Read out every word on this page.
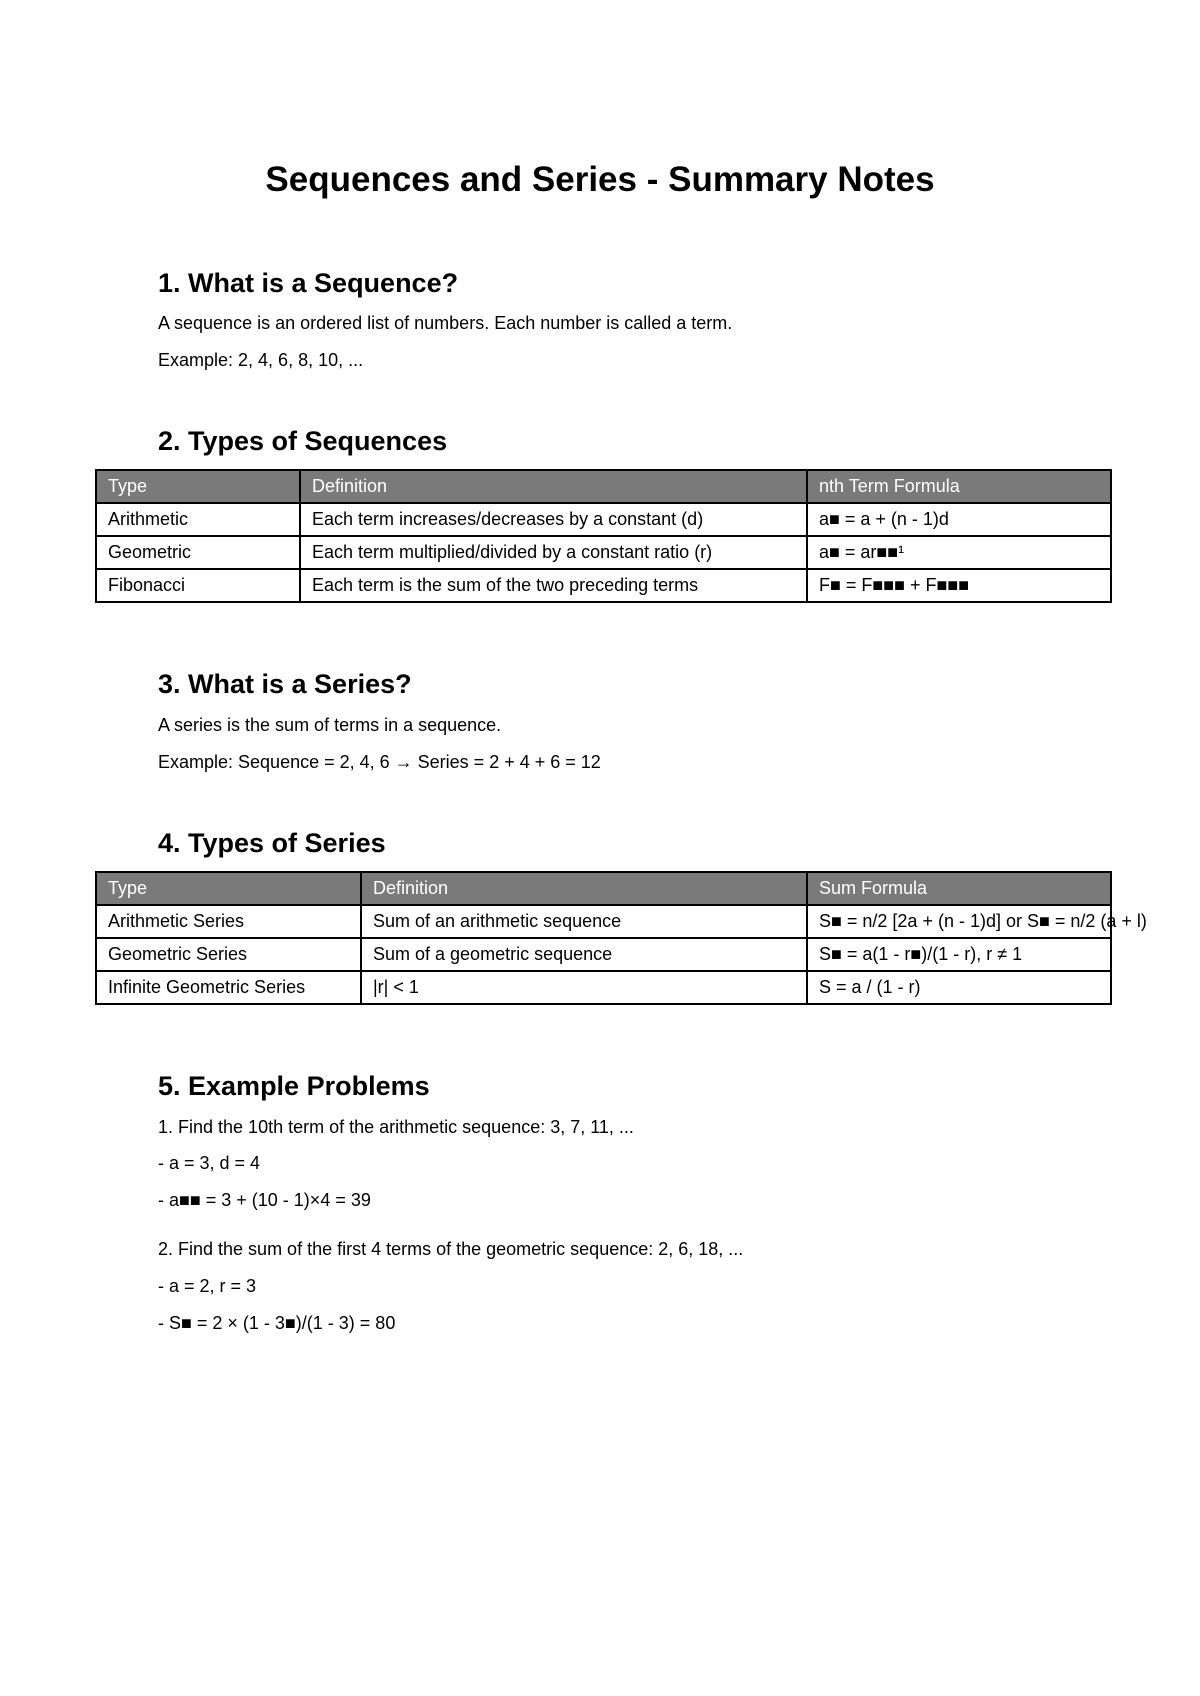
Sequences and Series - Summary Notes
1. What is a Sequence?

A sequence is an ordered list of numbers. Each number is called a term.

Example: 2, 4, 6, 8, 10, ...

2. Types of Sequences
Type	Definition	nth Term Formula
Arithmetic	Each term increases/decreases by a constant (d)	a■ = a + (n - 1)d
Geometric	Each term multiplied/divided by a constant ratio (r)	a■ = ar■■¹
Fibonacci	Each term is the sum of the two preceding terms	F■ = F■■■ + F■■■
3. What is a Series?

A series is the sum of terms in a sequence.

Example: Sequence = 2, 4, 6 → Series = 2 + 4 + 6 = 12

4. Types of Series
Type	Definition	Sum Formula
Arithmetic Series	Sum of an arithmetic sequence	S■ = n/2 [2a + (n - 1)d] or S■ = n/2 (a + l)
Geometric Series	Sum of a geometric sequence	S■ = a(1 - r■)/(1 - r), r ≠ 1
Infinite Geometric Series	|r| < 1	S = a / (1 - r)
5. Example Problems

1. Find the 10th term of the arithmetic sequence: 3, 7, 11, ...

- a = 3, d = 4

- a■■ = 3 + (10 - 1)×4 = 39

2. Find the sum of the first 4 terms of the geometric sequence: 2, 6, 18, ...

- a = 2, r = 3

- S■ = 2 × (1 - 3■)/(1 - 3) = 80
